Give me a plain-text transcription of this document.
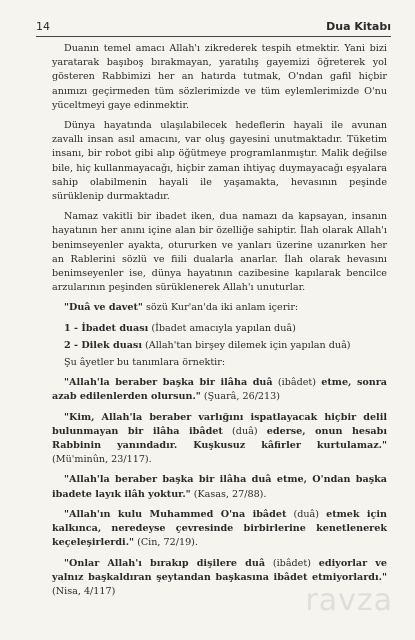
14	Dua Kitabı

Duanın temel amacı Allah'ı zikrederek tespih etmektir. Yani bizi yaratarak başıboş bırakmayan, yaratılış gayemizi öğreterek yol gösteren Rabbimizi her an hatırda tutmak, O'ndan gafil hiçbir anımızı geçirmeden tüm sözlerimizde ve tüm eylemlerimizde O'nu yüceltmeyi gaye edinmektir.

Dünya hayatında ulaşılabilecek hedeflerin hayali ile avunan zavallı insan asıl amacını, var oluş gayesini unutmaktadır. Tüketim insanı, bir robot gibi alıp öğütmeye programlanmıştır. Malik değilse bile, hiç kullanmayacağı, hiçbir zaman ihtiyaç duymayacağı eşyalara sahip olabilmenin hayali ile yaşamakta, hevasının peşinde sürüklenip durmaktadır.

Namaz vakitli bir ibadet iken, dua namazı da kapsayan, insanın hayatının her anını içine alan bir özelliğe sahiptir. İlah olarak Allah'ı benimseyenler ayakta, otururken ve yanları üzerine uzanırken her an Rablerini sözlü ve fiili dualarla anarlar. İlah olarak hevasını benimseyenler ise, dünya hayatının cazibesine kapılarak bencilce arzularının peşinden sürüklenerek Allah'ı unuturlar.

"Duâ ve davet" sözü Kur'an'da iki anlam içerir:

1 - İbadet duası (İbadet amacıyla yapılan duâ)

2 - Dilek duası (Allah'tan birşey dilemek için yapılan duâ)

Şu âyetler bu tanımlara örnektir:

"Allah'la beraber başka bir ilâha duâ (ibâdet) etme, sonra azab edilenlerden olursun." (Şuarâ, 26/213)

"Kim, Allah'la beraber varlığını ispatlayacak hiçbir delil bulunmayan bir ilâha ibâdet (duâ) ederse, onun hesabı Rabbinin yanındadır. Kuşkusuz kâfirler kurtulamaz." (Mü'minûn, 23/117).

"Allah'la beraber başka bir ilâha duâ etme, O'ndan başka ibadete layık ilâh yoktur." (Kasas, 27/88).

"Allah'ın kulu Muhammed O'na ibâdet (duâ) etmek için kalkınca, neredeyse çevresinde birbirlerine kenetlenerek keçeleşirlerdi." (Cin, 72/19).

"Onlar Allah'ı bırakıp dişilere duâ (ibâdet) ediyorlar ve yalnız başkaldıran şeytandan başkasına ibâdet etmiyorlardı." (Nisa, 4/117)	ravza
